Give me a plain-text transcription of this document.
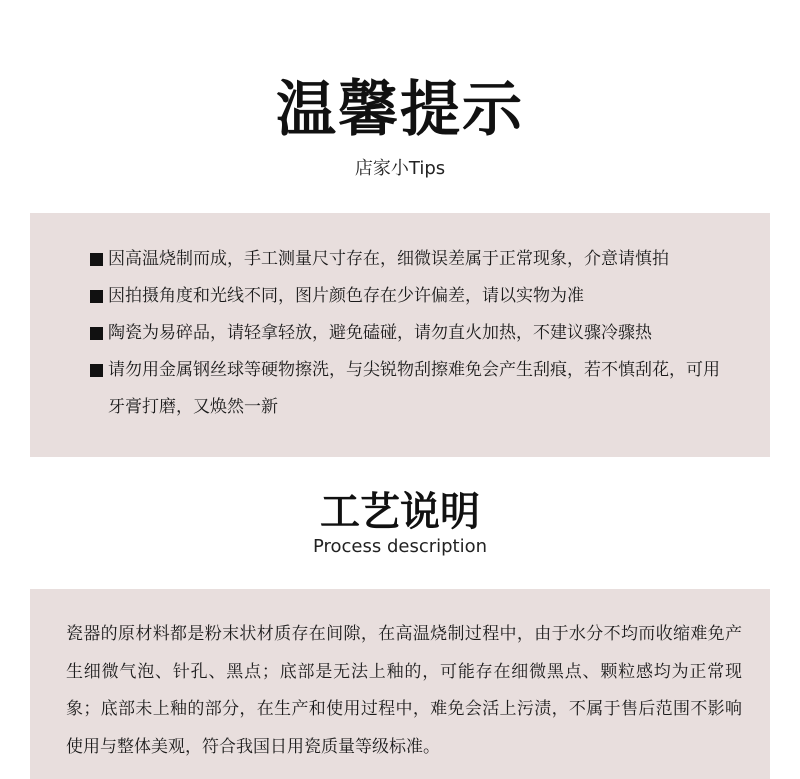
温馨提示
店家小Tips
因高温烧制而成，手工测量尺寸存在，细微误差属于正常现象，介意请慎拍
因拍摄角度和光线不同，图片颜色存在少许偏差，请以实物为准
陶瓷为易碎品，请轻拿轻放，避免磕碰，请勿直火加热，不建议骤冷骤热
请勿用金属钢丝球等硬物擦洗，与尖锐物刮擦难免会产生刮痕，若不慎刮花，可用牙膏打磨，又焕然一新
工艺说明
Process description
瓷器的原材料都是粉末状材质存在间隙，在高温烧制过程中，由于水分不均而收缩难免产生细微气泡、针孔、黑点；底部是无法上釉的，可能存在细微黑点、颗粒感均为正常现象；底部未上釉的部分，在生产和使用过程中，难免会活上污渍，不属于售后范围不影响使用与整体美观，符合我国日用瓷质量等级标准。
